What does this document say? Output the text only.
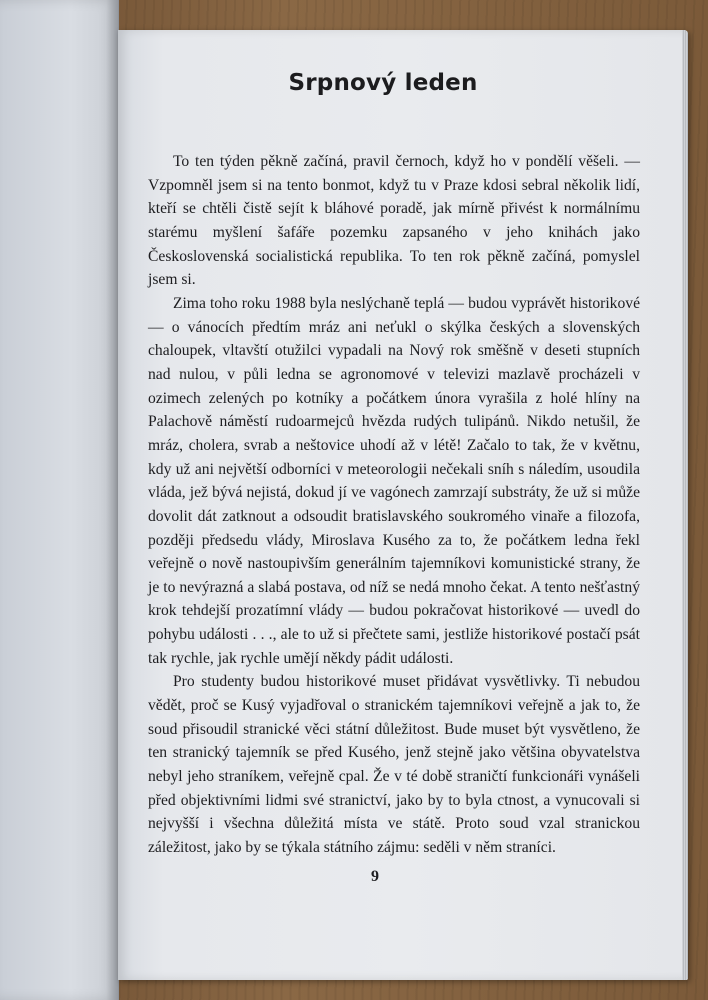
Srpnový leden

To ten týden pěkně začíná, pravil černoch, když ho v pondělí věšeli. — Vzpomněl jsem si na tento bonmot, když tu v Praze kdosi sebral několik lidí, kteří se chtěli čistě sejít k bláhové poradě, jak mírně přivést k normálnímu starému myšlení šafáře pozemku zapsaného v jeho knihách jako Československá socialistická republika. To ten rok pěkně začíná, pomyslel jsem si.

Zima toho roku 1988 byla neslýchaně teplá — budou vyprávět historikové — o vánocích předtím mráz ani neťukl o skýlka českých a slovenských chaloupek, vltavští otužilci vypadali na Nový rok směšně v deseti stupních nad nulou, v půli ledna se agronomové v televizi mazlavě procházeli v ozimech zelených po kotníky a počátkem února vyrašila z holé hlíny na Palachově náměstí rudoarmejců hvězda rudých tulipánů. Nikdo netušil, že mráz, cholera, svrab a neštovice uhodí až v létě! Začalo to tak, že v květnu, kdy už ani největší odborníci v meteorologii nečekali sníh s náledím, usoudila vláda, jež bývá nejistá, dokud jí ve vagónech zamrzají substráty, že už si může dovolit dát zatknout a odsoudit bratislavského soukromého vinaře a filozofa, později předsedu vlády, Miroslava Kusého za to, že počátkem ledna řekl veřejně o nově nastoupivším generálním tajemníkovi komunistické strany, že je to nevýrazná a slabá postava, od níž se nedá mnoho čekat. A tento nešťastný krok tehdejší prozatímní vlády — budou pokračovat historikové — uvedl do pohybu události . . ., ale to už si přečtete sami, jestliže historikové postačí psát tak rychle, jak rychle umějí někdy pádit události.

Pro studenty budou historikové muset přidávat vysvětlivky. Ti nebudou vědět, proč se Kusý vyjadřoval o stranickém tajemníkovi veřejně a jak to, že soud přisoudil stranické věci státní důležitost. Bude muset být vysvětleno, že ten stranický tajemník se před Kusého, jenž stejně jako většina obyvatelstva nebyl jeho straníkem, veřejně cpal. Že v té době straničtí funkcionáři vynášeli před objektivními lidmi své stranictví, jako by to byla ctnost, a vynucovali si nejvyšší i všechna důležitá místa ve státě. Proto soud vzal stranickou záležitost, jako by se týkala státního zájmu: seděli v něm straníci.

9
